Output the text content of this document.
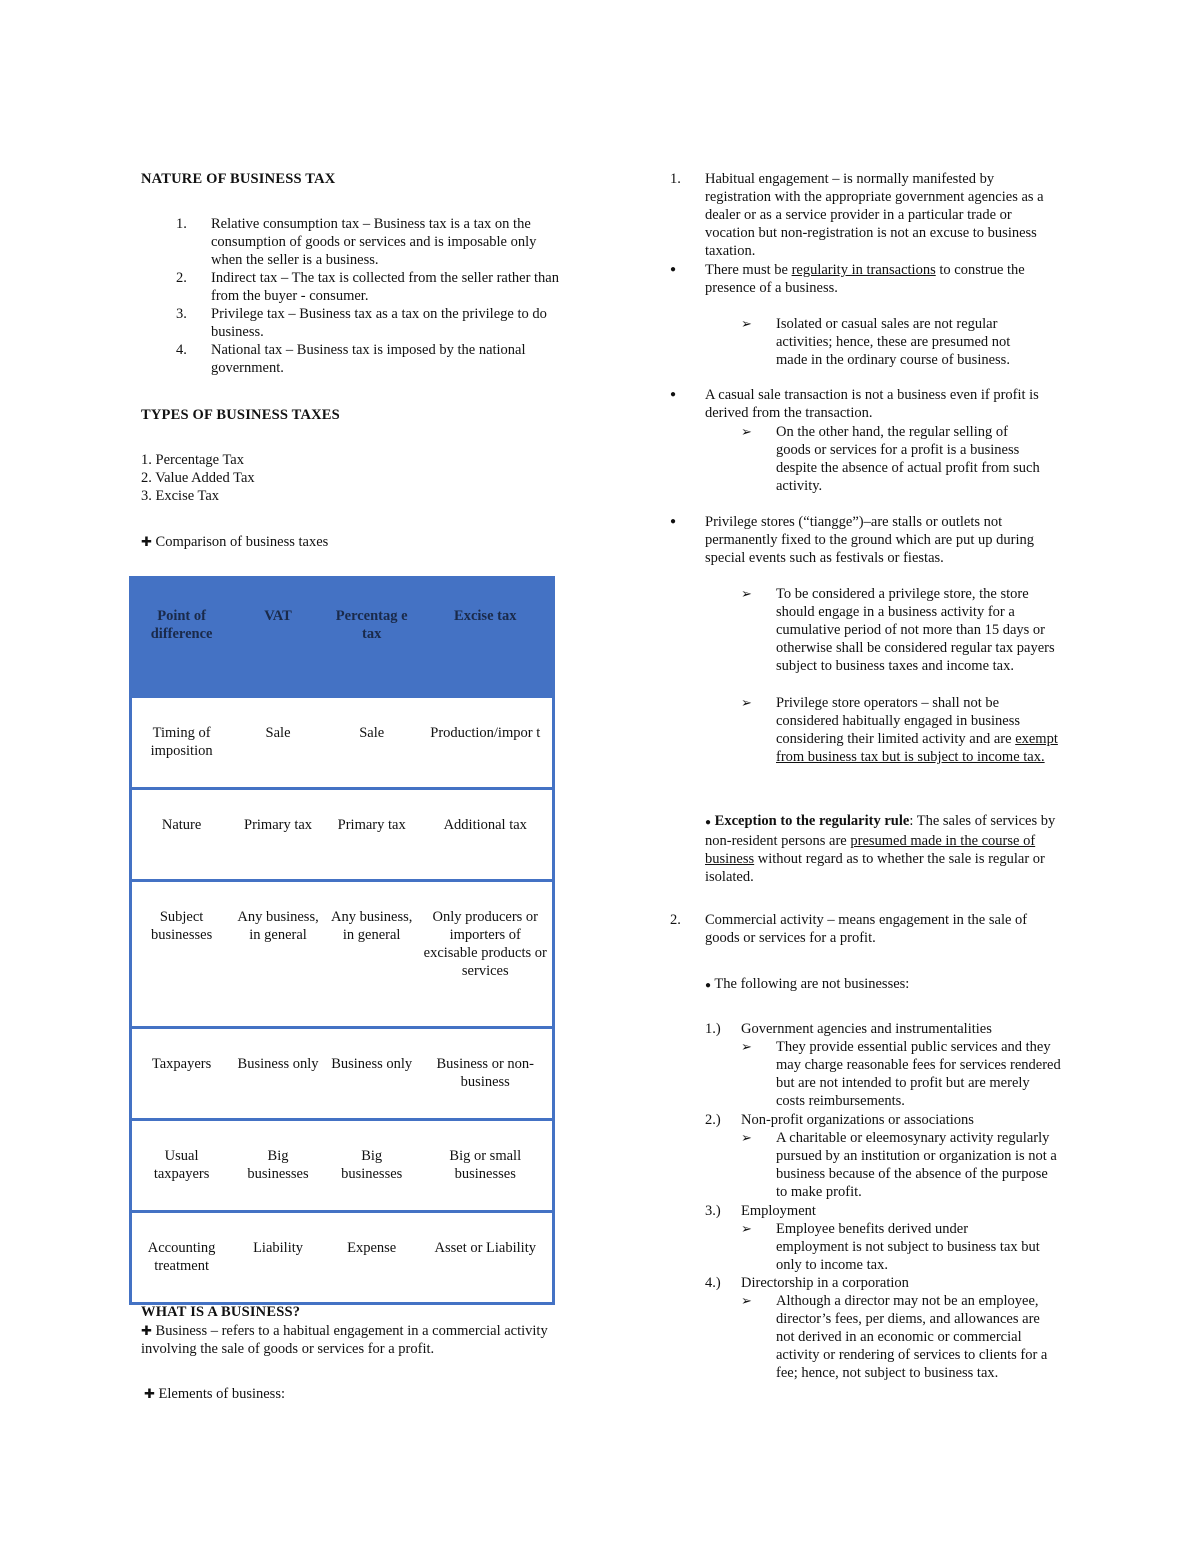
NATURE OF BUSINESS TAX
1. Relative consumption tax – Business tax is a tax on the consumption of goods or services and is imposable only when the seller is a business.
2. Indirect tax – The tax is collected from the seller rather than from the buyer - consumer.
3. Privilege tax – Business tax as a tax on the privilege to do business.
4. National tax – Business tax is imposed by the national government.
TYPES OF BUSINESS TAXES
1. Percentage Tax
2. Value Added Tax
3. Excise Tax
✚ Comparison of business taxes
Point of difference	VAT	Percentag e tax	Excise tax
Timing of imposition	Sale	Sale	Production/impor t
Nature	Primary tax	Primary tax	Additional tax
Subject businesses	Any business, in general	Any business, in general	Only producers or importers of excisable products or services
Taxpayers	Business only	Business only	Business or non-business
Usual taxpayers	Big businesses	Big businesses	Big or small businesses
Accounting treatment	Liability	Expense	Asset or Liability
WHAT IS A BUSINESS?
✚ Business – refers to a habitual engagement in a commercial activity involving the sale of goods or services for a profit.
✚ Elements of business:
1. Habitual engagement – is normally manifested by registration with the appropriate government agencies as a dealer or as a service provider in a particular trade or vocation but non-registration is not an excuse to business taxation.
● There must be regularity in transactions to construe the presence of a business.
➢ Isolated or casual sales are not regular activities; hence, these are presumed not made in the ordinary course of business.
● A casual sale transaction is not a business even if profit is derived from the transaction.
➢ On the other hand, the regular selling of goods or services for a profit is a business despite the absence of actual profit from such activity.
● Privilege stores (“tiangge”)–are stalls or outlets not permanently fixed to the ground which are put up during special events such as festivals or fiestas.
➢ To be considered a privilege store, the store should engage in a business activity for a cumulative period of not more than 15 days or otherwise shall be considered regular tax payers subject to business taxes and income tax.
➢ Privilege store operators – shall not be considered habitually engaged in business considering their limited activity and are exempt from business tax but is subject to income tax.
● Exception to the regularity rule: The sales of services by non-resident persons are presumed made in the course of business without regard as to whether the sale is regular or isolated.
2. Commercial activity – means engagement in the sale of goods or services for a profit.
● The following are not businesses:
1.) Government agencies and instrumentalities
➢ They provide essential public services and they may charge reasonable fees for services rendered but are not intended to profit but are merely costs reimbursements.
2.) Non-profit organizations or associations
➢ A charitable or eleemosynary activity regularly pursued by an institution or organization is not a business because of the absence of the purpose to make profit.
3.) Employment
➢ Employee benefits derived under employment is not subject to business tax but only to income tax.
4.) Directorship in a corporation
➢ Although a director may not be an employee, director’s fees, per diems, and allowances are not derived in an economic or commercial activity or rendering of services to clients for a fee; hence, not subject to business tax.
